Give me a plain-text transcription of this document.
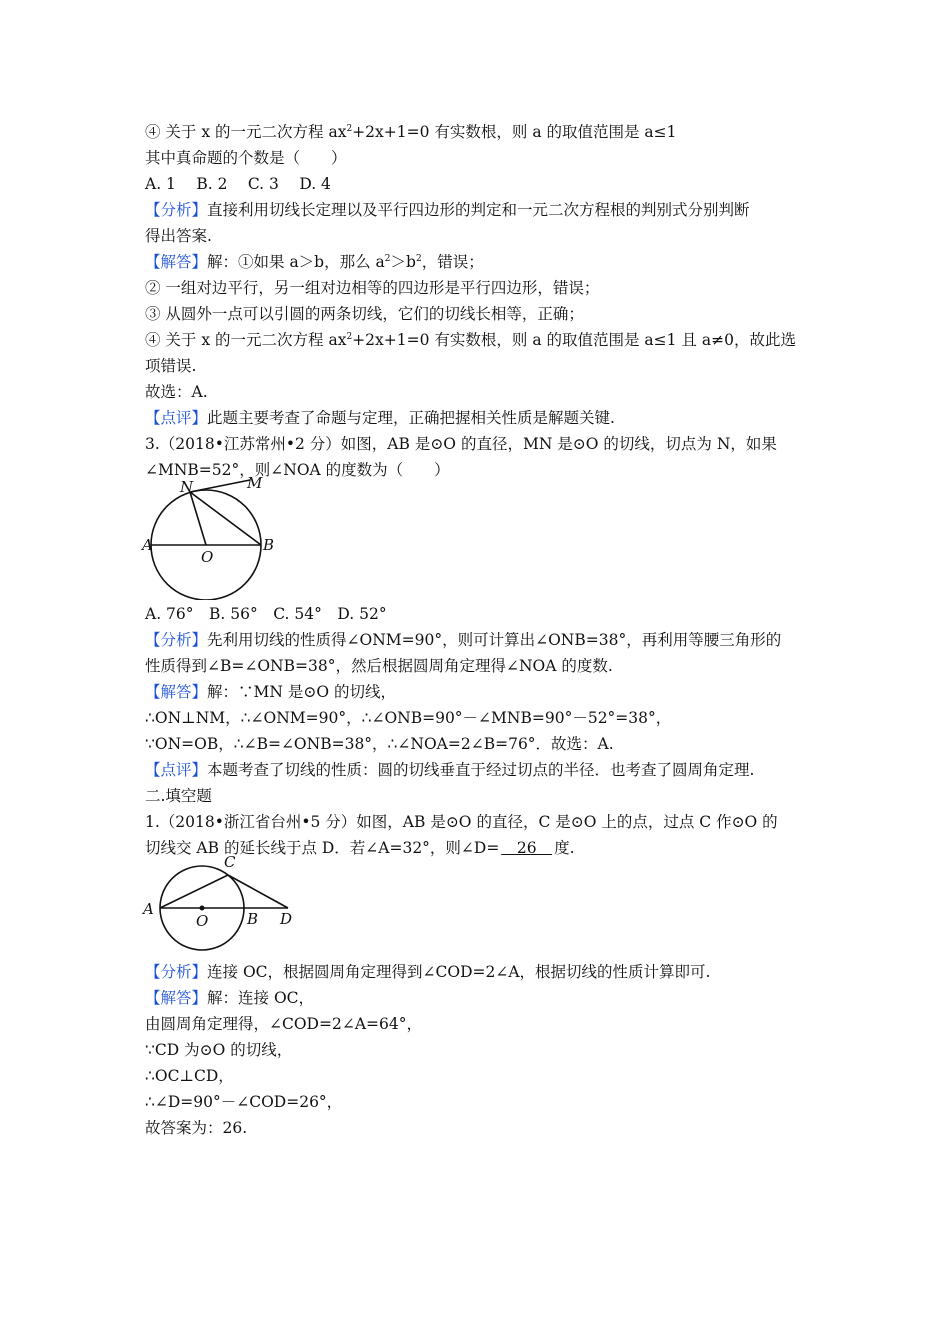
④ 关于 x 的一元二次方程 $ax^2+2x+1=0$ 有实数根，则 a 的取值范围是 a≤1
其中真命题的个数是（　　）
A. 1　 B. 2　 C. 3　 D. 4
【分析】直接利用切线长定理以及平行四边形的判定和一元二次方程根的判别式分别判断
得出答案.
【解答】解：①如果 a＞b，那么 $a^2>b^2$，错误；
② 一组对边平行，另一组对边相等的四边形是平行四边形，错误；
③ 从圆外一点可以引圆的两条切线，它们的切线长相等，正确；
④ 关于 x 的一元二次方程 $ax^2+2x+1=0$ 有实数根，则 a 的取值范围是 a≤1 且 a≠0，故此选
项错误.
故选：A.
【点评】此题主要考查了命题与定理，正确把握相关性质是解题关键.
3.（2018•江苏常州•2 分）如图，AB 是⊙O 的直径，MN 是⊙O 的切线，切点为 N，如果
∠MNB=52°，则∠NOA 的度数为（　　）
N	M
A	B
O
A. 76°　B. 56°　C. 54°　D. 52°
【分析】先利用切线的性质得∠ONM=90°，则可计算出∠ONB=38°，再利用等腰三角形的
性质得到∠B=∠ONB=38°，然后根据圆周角定理得∠NOA 的度数.
【解答】解：∵MN 是⊙O 的切线，
∴ON⊥NM，∴∠ONM=90°，∴∠ONB=90°－∠MNB=90°－52°=38°，
∵ON=OB，∴∠B=∠ONB=38°，∴∠NOA=2∠B=76°．故选：A.
【点评】本题考查了切线的性质：圆的切线垂直于经过切点的半径．也考查了圆周角定理.
二.填空题
1.（2018•浙江省台州•5 分）如图，AB 是⊙O 的直径，C 是⊙O 上的点，过点 C 作⊙O 的
切线交 AB 的延长线于点 D．若∠A=32°，则∠D=　26　度.
C
A
O	B D
【分析】连接 OC，根据圆周角定理得到∠COD=2∠A，根据切线的性质计算即可.
【解答】解：连接 OC，
由圆周角定理得，∠COD=2∠A=64°，
∵CD 为⊙O 的切线，
∴OC⊥CD，
∴∠D=90°－∠COD=26°，
故答案为：26.
